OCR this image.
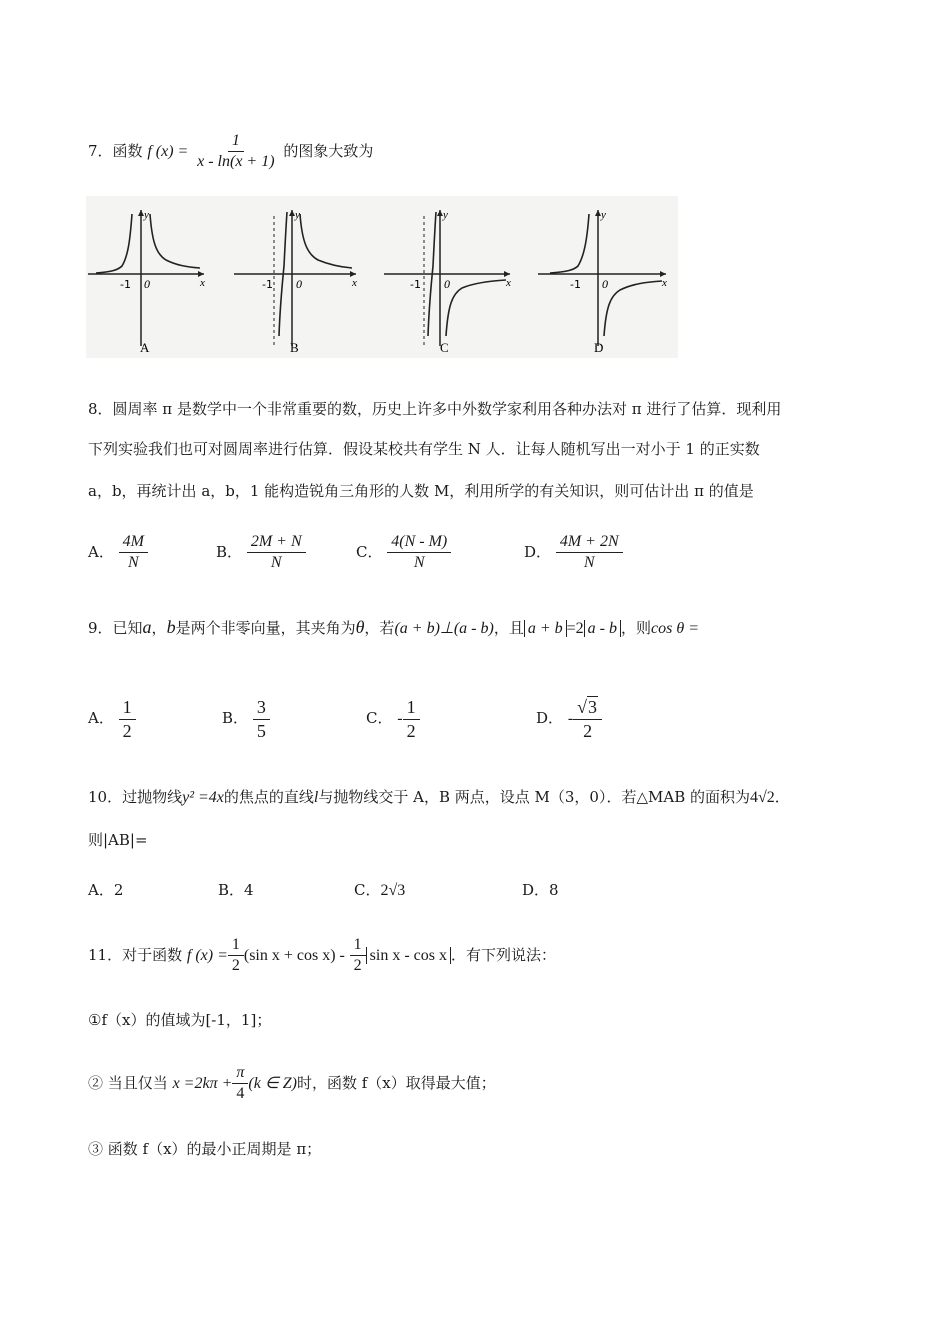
7．函数 f $(x) = \frac{1}{x - \ln(x + 1)}$ 的图象大致为
-1 0	x
y
A
-1 0	x
y
B
-1 0	x
y
C
-1 0	x
y
D
8．圆周率 π 是数学中一个非常重要的数，历史上许多中外数学家利用各种办法对 π 进行了估算．现利用
下列实验我们也可对圆周率进行估算．假设某校共有学生 N 人．让每人随机写出一对小于 1 的正实数
a，b，再统计出 a，b，1 能构造锐角三角形的人数 M，利用所学的有关知识，则可估计出 π 的值是
A． $\frac{4M}{N}$	B． $\frac{2M + N}{N}$	C． $\frac{4(N - M)}{N}$	D． $\frac{4M + 2N}{N}$
9．已知a，b是两个非零向量，其夹角为θ，若(a + b)⊥(a - b)，且 a + b =2 a - b ，则cos θ =
A． $\frac{1}{2}$	B． $\frac{3}{5}$	C． - $\frac{1}{2}$	D． - $\frac{√3}{2}$
10．过抛物线y² =4x的焦点的直线l与抛物线交于 A，B 两点，设点 M（3，0）．若△MAB 的面积为4√2．
则|AB|=
A．2	B．4	C．2√3	D．8
11．对于函数 f $(x) = \frac{1}{2} (\sin$ $x + \cos x) - \frac{1}{2}$ sin x - cos x ．有下列说法：
①f（x）的值域为[-1，1]；
② 当且仅当 $x =2k\pi + \frac{\pi}{4} (k$ ∈ Z)时，函数 f（x）取得最大值；
③ 函数 f（x）的最小正周期是 π；
